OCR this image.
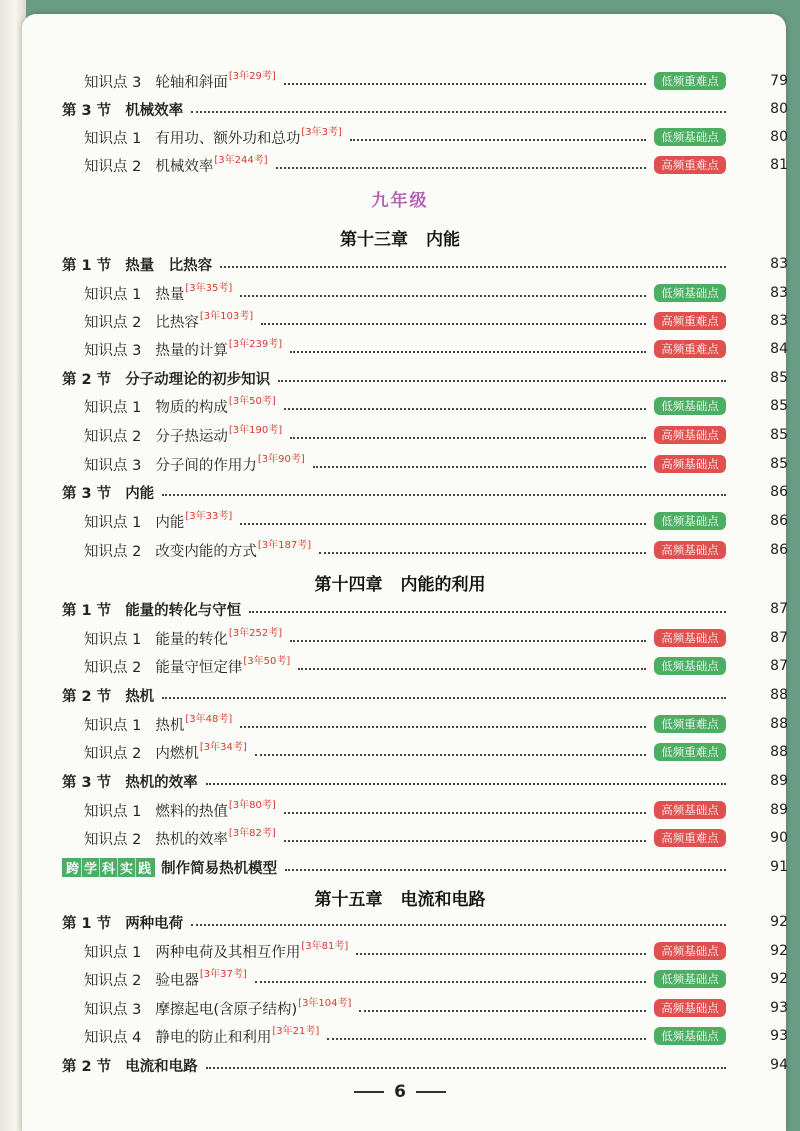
九年级
第十三章 内能
第十四章 内能的利用
第十五章 电流和电路
跨 学 科 实 践 制作简易热机模型	91
6
知识点 3 轮轴和斜面 [3年29考]	低频重难点	79
第 3 节 机械效率	80
知识点 1 有用功、额外功和总功 [3年3考]	低频基础点	80
知识点 2 机械效率 [3年244考]	高频重难点	81
第 1 节 热量　比热容	83
知识点 1 热量 [3年35考]	低频基础点	83
知识点 2 比热容 [3年103考]	高频重难点	83
知识点 3 热量的计算 [3年239考]	高频重难点	84
第 2 节 分子动理论的初步知识	85
知识点 1 物质的构成 [3年50考]	低频基础点	85
知识点 2 分子热运动 [3年190考]	高频基础点	85
知识点 3 分子间的作用力 [3年90考]	高频基础点	85
第 3 节 内能	86
知识点 1 内能 [3年33考]	低频基础点	86
知识点 2 改变内能的方式 [3年187考]	高频基础点	86
第 1 节 能量的转化与守恒	87
知识点 1 能量的转化 [3年252考]	高频基础点	87
知识点 2 能量守恒定律 [3年50考]	低频基础点	87
第 2 节 热机	88
知识点 1 热机 [3年48考]	低频重难点	88
知识点 2 内燃机 [3年34考]	低频重难点	88
第 3 节 热机的效率	89
知识点 1 燃料的热值 [3年80考]	高频基础点	89
知识点 2 热机的效率 [3年82考]	高频重难点	90
第 1 节 两种电荷	92
知识点 1 两种电荷及其相互作用 [3年81考]	高频基础点	92
知识点 2 验电器 [3年37考]	低频基础点	92
知识点 3 摩擦起电(含原子结构) [3年104考]	高频基础点	93
知识点 4 静电的防止和利用 [3年21考]	低频基础点	93
第 2 节 电流和电路	94
